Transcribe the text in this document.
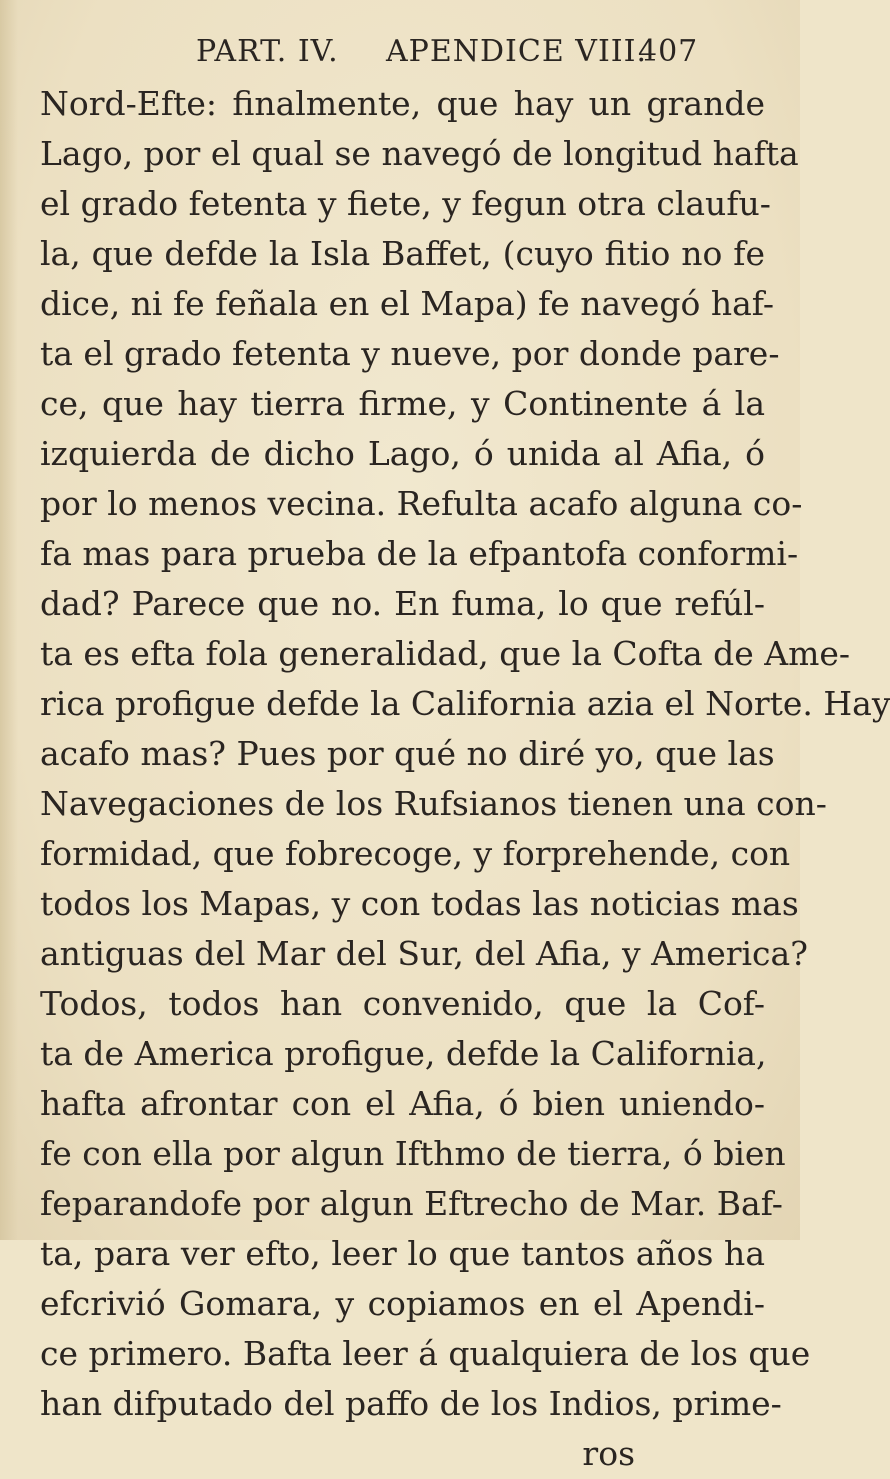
PART. IV. APENDICE VIII.
407
Nord-Efte: finalmente, que hay un grande
Lago, por el qual se navegó de longitud hafta
el grado fetenta y fiete, y fegun otra claufu-
la, que defde la Isla Baffet, (cuyo fitio no fe
dice, ni fe feñala en el Mapa) fe navegó haf-
ta el grado fetenta y nueve, por donde pare-
ce, que hay tierra firme, y Continente á la
izquierda de dicho Lago, ó unida al Afia, ó
por lo menos vecina. Refulta acafo alguna co-
fa mas para prueba de la efpantofa conformi-
dad? Parece que no. En fuma, lo que refúl-
ta es efta fola generalidad, que la Cofta de Ame-
rica profigue defde la California azia el Norte. Hay
acafo mas? Pues por qué no diré yo, que las
Navegaciones de los Rufsianos tienen una con-
formidad, que fobrecoge, y forprehende, con
todos los Mapas, y con todas las noticias mas
antiguas del Mar del Sur, del Afia, y America?
Todos, todos han convenido, que la Cof-
ta de America profigue, defde la California,
hafta afrontar con el Afia, ó bien uniendo-
fe con ella por algun Ifthmo de tierra, ó bien
feparandofe por algun Eftrecho de Mar. Baf-
ta, para ver efto, leer lo que tantos años ha
efcrivió Gomara, y copiamos en el Apendi-
ce primero. Bafta leer á qualquiera de los que
han difputado del paffo de los Indios, prime-
ros
